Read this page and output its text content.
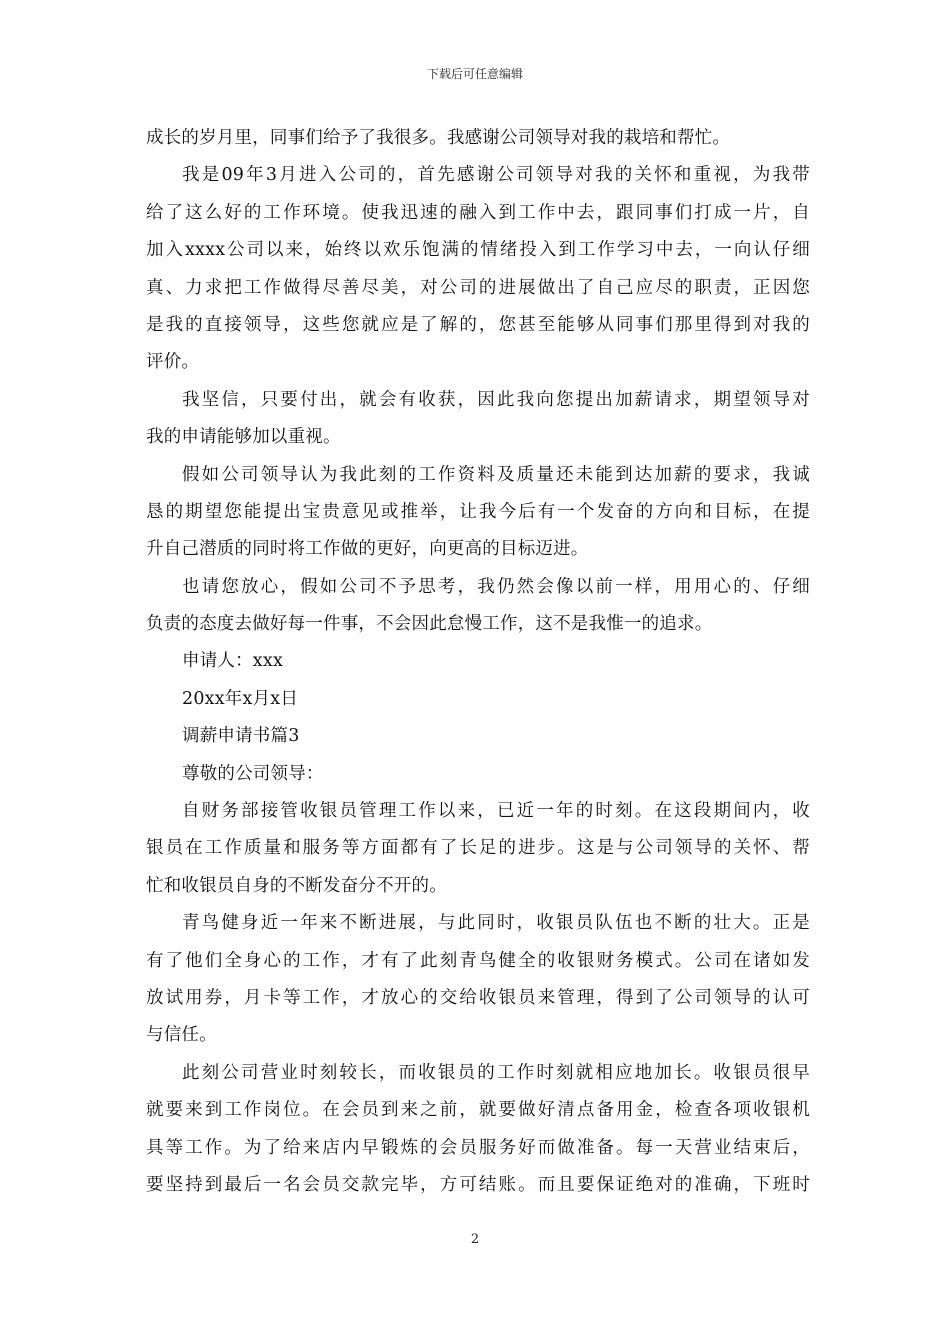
下载后可任意编辑
成长的岁月里，同事们给予了我很多。我感谢公司领导对我的栽培和帮忙。
我是09年3月进入公司的，首先感谢公司领导对我的关怀和重视，为我带
给了这么好的工作环境。使我迅速的融入到工作中去，跟同事们打成一片，自
加入xxxx公司以来，始终以欢乐饱满的情绪投入到工作学习中去，一向认仔细
真、力求把工作做得尽善尽美，对公司的进展做出了自己应尽的职责，正因您
是我的直接领导，这些您就应是了解的，您甚至能够从同事们那里得到对我的
评价。
我坚信，只要付出，就会有收获，因此我向您提出加薪请求，期望领导对
我的申请能够加以重视。
假如公司领导认为我此刻的工作资料及质量还未能到达加薪的要求，我诚
恳的期望您能提出宝贵意见或推举，让我今后有一个发奋的方向和目标，在提
升自己潜质的同时将工作做的更好，向更高的目标迈进。
也请您放心，假如公司不予思考，我仍然会像以前一样，用用心的、仔细
负责的态度去做好每一件事，不会因此怠慢工作，这不是我惟一的追求。
申请人：xxx
20xx年x月x日
调薪申请书篇3
尊敬的公司领导：
自财务部接管收银员管理工作以来，已近一年的时刻。在这段期间内，收
银员在工作质量和服务等方面都有了长足的进步。这是与公司领导的关怀、帮
忙和收银员自身的不断发奋分不开的。
青鸟健身近一年来不断进展，与此同时，收银员队伍也不断的壮大。正是
有了他们全身心的工作，才有了此刻青鸟健全的收银财务模式。公司在诸如发
放试用券，月卡等工作，才放心的交给收银员来管理，得到了公司领导的认可
与信任。
此刻公司营业时刻较长，而收银员的工作时刻就相应地加长。收银员很早
就要来到工作岗位。在会员到来之前，就要做好清点备用金，检查各项收银机
具等工作。为了给来店内早锻炼的会员服务好而做准备。每一天营业结束后，
要坚持到最后一名会员交款完毕，方可结账。而且要保证绝对的准确，下班时
2
